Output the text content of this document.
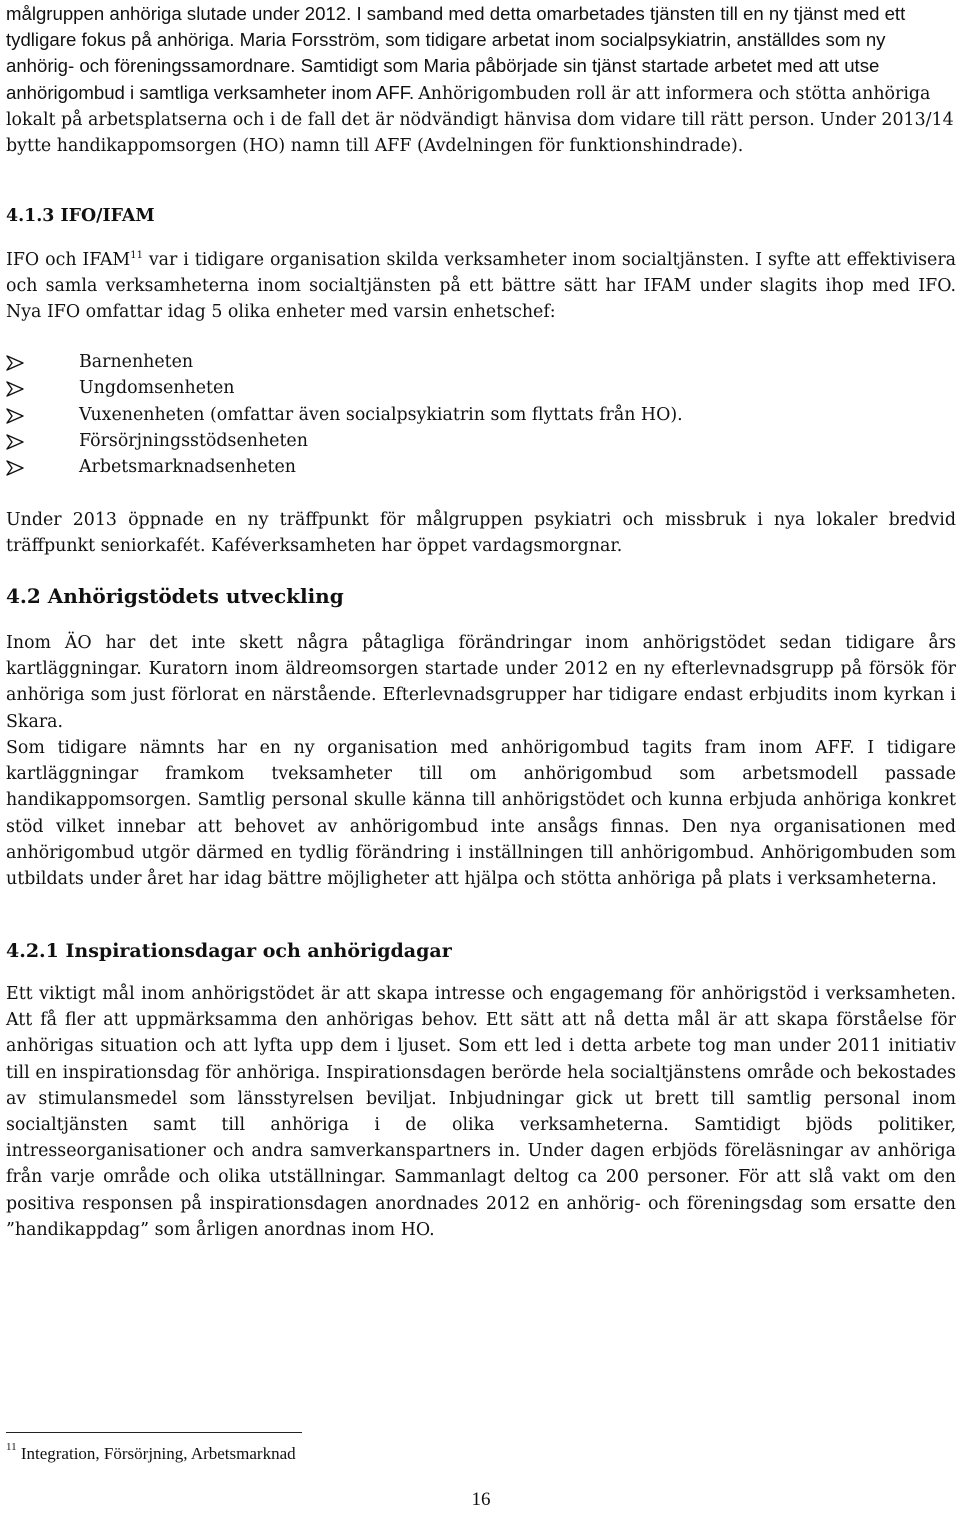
målgruppen anhöriga slutade under 2012. I samband med detta omarbetades tjänsten till en ny tjänst med ett tydligare fokus på anhöriga. Maria Forsström, som tidigare arbetat inom socialpsykiatrin, anställdes som ny anhörig- och föreningssamordnare. Samtidigt som Maria påbörjade sin tjänst startade arbetet med att utse anhörigombud i samtliga verksamheter inom AFF.

Anhörigombuden roll är att informera och stötta anhöriga lokalt på arbetsplatserna och i de fall det är nödvändigt hänvisa dom vidare till rätt person. Under 2013/14 bytte handikappomsorgen (HO) namn till AFF (Avdelningen för funktionshindrade).

4.1.3 IFO/IFAM

IFO och IFAM$^{11}$ var i tidigare organisation skilda verksamheter inom socialtjänsten. I syfte att effektivisera och samla verksamheterna inom socialtjänsten på ett bättre sätt har IFAM under slagits ihop med IFO. Nya IFO omfattar idag 5 olika enheter med varsin enhetschef:

Barnenheten
Ungdomsenheten
Vuxenenheten (omfattar även socialpsykiatrin som flyttats från HO).
Försörjningsstödsenheten
Arbetsmarknadsenheten

Under 2013 öppnade en ny träffpunkt för målgruppen psykiatri och missbruk i nya lokaler bredvid träffpunkt seniorkafét. Kaféverksamheten har öppet vardagsmorgnar.

4.2 Anhörigstödets utveckling

Inom ÄO har det inte skett några påtagliga förändringar inom anhörigstödet sedan tidigare års kartläggningar. Kuratorn inom äldreomsorgen startade under 2012 en ny efterlevnadsgrupp på försök för anhöriga som just förlorat en närstående. Efterlevnadsgrupper har tidigare endast erbjudits inom kyrkan i Skara.

Som tidigare nämnts har en ny organisation med anhörigombud tagits fram inom AFF. I tidigare kartläggningar framkom tveksamheter till om anhörigombud som arbetsmodell passade handikappomsorgen. Samtlig personal skulle känna till anhörigstödet och kunna erbjuda anhöriga konkret stöd vilket innebar att behovet av anhörigombud inte ansågs finnas. Den nya organisationen med anhörigombud utgör därmed en tydlig förändring i inställningen till anhörigombud. Anhörigombuden som utbildats under året har idag bättre möjligheter att hjälpa och stötta anhöriga på plats i verksamheterna.

4.2.1 Inspirationsdagar och anhörigdagar

Ett viktigt mål inom anhörigstödet är att skapa intresse och engagemang för anhörigstöd i verksamheten. Att få fler att uppmärksamma den anhörigas behov. Ett sätt att nå detta mål är att skapa förståelse för anhörigas situation och att lyfta upp dem i ljuset. Som ett led i detta arbete tog man under 2011 initiativ till en inspirationsdag för anhöriga. Inspirationsdagen berörde hela socialtjänstens område och bekostades av stimulansmedel som länsstyrelsen beviljat. Inbjudningar gick ut brett till samtlig personal inom socialtjänsten samt till anhöriga i de olika verksamheterna. Samtidigt bjöds politiker, intresseorganisationer och andra samverkanspartners in. Under dagen erbjöds föreläsningar av anhöriga från varje område och olika utställningar. Sammanlagt deltog ca 200 personer. För att slå vakt om den positiva responsen på inspirationsdagen anordnades 2012 en anhörig- och föreningsdag som ersatte den ”handikappdag” som årligen anordnas inom HO.

$^{11}$ Integration, Försörjning, Arbetsmarknad
16
